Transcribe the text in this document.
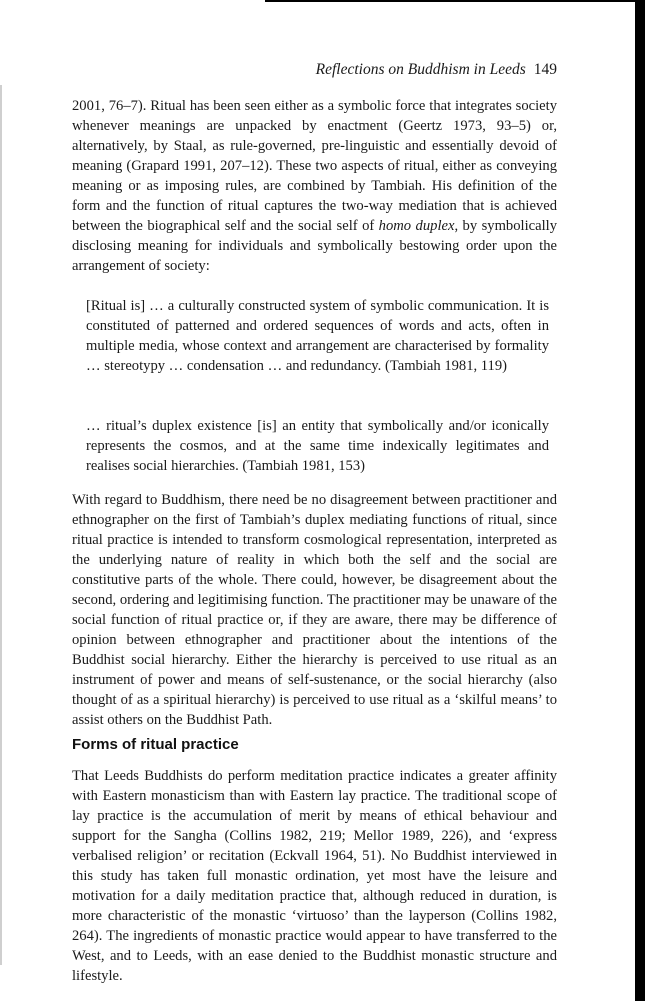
Reflections on Buddhism in Leeds 149

2001, 76–7). Ritual has been seen either as a symbolic force that integrates society whenever meanings are unpacked by enactment (Geertz 1973, 93–5) or, alternatively, by Staal, as rule-governed, pre-linguistic and essentially devoid of meaning (Grapard 1991, 207–12). These two aspects of ritual, either as conveying meaning or as imposing rules, are combined by Tambiah. His definition of the form and the function of ritual captures the two-way mediation that is achieved between the biographical self and the social self of homo duplex, by symbolically disclosing meaning for individuals and symbolically bestowing order upon the arrangement of society:

[Ritual is] … a culturally constructed system of symbolic communication. It is constituted of patterned and ordered sequences of words and acts, often in multiple media, whose context and arrangement are characterised by formality … stereotypy … condensation … and redundancy. (Tambiah 1981, 119)

… ritual’s duplex existence [is] an entity that symbolically and/or iconically represents the cosmos, and at the same time indexically legitimates and realises social hierarchies. (Tambiah 1981, 153)

With regard to Buddhism, there need be no disagreement between practitioner and ethnographer on the first of Tambiah’s duplex mediating functions of ritual, since ritual practice is intended to transform cosmological representation, interpreted as the underlying nature of reality in which both the self and the social are constitutive parts of the whole. There could, however, be disagreement about the second, ordering and legitimising function. The practitioner may be unaware of the social function of ritual practice or, if they are aware, there may be difference of opinion between ethnographer and practitioner about the intentions of the Buddhist social hierarchy. Either the hierarchy is perceived to use ritual as an instrument of power and means of self-sustenance, or the social hierarchy (also thought of as a spiritual hierarchy) is perceived to use ritual as a ‘skilful means’ to assist others on the Buddhist Path.

Forms of ritual practice

That Leeds Buddhists do perform meditation practice indicates a greater affinity with Eastern monasticism than with Eastern lay practice. The traditional scope of lay practice is the accumulation of merit by means of ethical behaviour and support for the Sangha (Collins 1982, 219; Mellor 1989, 226), and ‘express verbalised religion’ or recitation (Eckvall 1964, 51). No Buddhist interviewed in this study has taken full monastic ordination, yet most have the leisure and motivation for a daily meditation practice that, although reduced in duration, is more characteristic of the monastic ‘virtuoso’ than the layperson (Collins 1982, 264). The ingredients of monastic practice would appear to have transferred to the West, and to Leeds, with an ease denied to the Buddhist monastic structure and lifestyle.
